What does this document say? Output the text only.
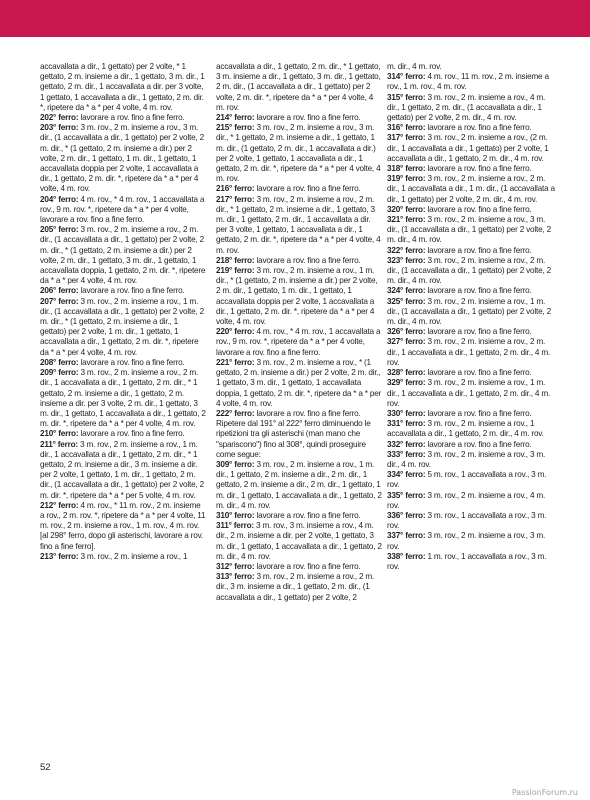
accavallata a dir., 1 gettato) per 2 volte, * 1 gettato, 2 m. insieme a dir., 1 gettato, 3 m. dir., 1 gettato, 2 m. dir., 1 accavallata a dir. per 3 volte, 1 gettato, 1 accavallata a dir., 1 gettato, 2 m. dir. *, ripetere da * a * per 4 volte, 4 m. rov.

202° ferro: lavorare a rov. fino a fine ferro.

203° ferro: 3 m. rov., 2 m. insieme a rov., 3 m. dir., (1 accavallata a dir., 1 gettato) per 2 volte, 2 m. dir., * (1 gettato, 2 m. insieme a dir.) per 2 volte, 2 m. dir., 1 gettato, 1 m. dir., 1 gettato, 1 accavallata doppia per 2 volte, 1 accavallata a dir., 1 gettato, 2 m. dir. *, ripetere da * a * per 4 volte, 4 m. rov.

204° ferro: 4 m. rov., * 4 m. rov., 1 accavallata a rov., 9 m. rov. *, ripetere da * a * per 4 volte, lavorare a rov. fino a fine ferro.

205° ferro: 3 m. rov., 2 m. insieme a rov., 2 m. dir., (1 accavallata a dir., 1 gettato) per 2 volte, 2 m. dir., * (1 gettato, 2 m. insieme a dir.) per 2 volte, 2 m. dir., 1 gettato, 3 m. dir., 1 gettato, 1 accavallata doppia, 1 gettato, 2 m. dir. *, ripetere da * a * per 4 volte, 4 m. rov.

206° ferro: lavorare a rov. fino a fine ferro.

207° ferro: 3 m. rov., 2 m. insieme a rov., 1 m. dir., (1 accavallata a dir., 1 gettato) per 2 volte, 2 m. dir., * (1 gettato, 2 m. insieme a dir., 1 gettato) per 2 volte, 1 m. dir., 1 gettato, 1 accavallata a dir., 1 gettato, 2 m. dir. *, ripetere da * a * per 4 volte, 4 m. rov.

208° ferro: lavorare a rov. fino a fine ferro.

209° ferro: 3 m. rov., 2 m. insieme a rov., 2 m. dir., 1 accavallata a dir., 1 gettato, 2 m. dir., * 1 gettato, 2 m. insieme a dir., 1 gettato, 2 m. insieme a dir. per 3 volte, 2 m. dir., 1 gettato, 3 m. dir., 1 gettato, 1 accavallata a dir., 1 gettato, 2 m. dir. *, ripetere da * a * per 4 volte, 4 m. rov.

210° ferro: lavorare a rov. fino a fine ferro.

211° ferro: 3 m. rov., 2 m. insieme a rov., 1 m. dir., 1 accavallata a dir., 1 gettato, 2 m. dir., * 1 gettato, 2 m. insieme a dir., 3 m. insieme a dir. per 2 volte, 1 gettato, 1 m. dir., 1 gettato, 2 m. dir., (1 accavallata a dir., 1 gettato) per 2 volte, 2 m. dir. *, ripetere da * a * per 5 volte, 4 m. rov.

212° ferro: 4 m. rov., * 11 m. rov., 2 m. insieme a rov., 2 m. rov. *, ripetere da * a * per 4 volte, 11 m. rov., 2 m. insieme a rov., 1 m. rov., 4 m. rov. [al 298° ferro, dopo gli asterischi, lavorare a rov. fino a fine ferro].

213° ferro: 3 m. rov., 2 m. insieme a rov., 1

accavallata a dir., 1 gettato, 2 m. dir., * 1 gettato, 3 m. insieme a dir., 1 gettato, 3 m. dir., 1 gettato, 2 m. dir., (1 accavallata a dir., 1 gettato) per 2 volte, 2 m. dir. *, ripetere da * a * per 4 volte, 4 m. rov.

214° ferro: lavorare a rov. fino a fine ferro.

215° ferro: 3 m. rov., 2 m. insieme a rov., 3 m. dir., * 1 gettato, 2 m. insieme a dir., 1 gettato, 1 m. dir., (1 gettato, 2 m. dir., 1 accavallata a dir.) per 2 volte, 1 gettato, 1 accavallata a dir., 1 gettato, 2 m. dir. *, ripetere da * a * per 4 volte, 4 m. rov.

216° ferro: lavorare a rov. fino a fine ferro.

217° ferro: 3 m. rov., 2 m. insieme a rov., 2 m. dir., * 1 gettato, 2 m. insieme a dir., 1 gettato, 3 m. dir., 1 gettato, 2 m. dir., 1 accavallata a dir. per 3 volte, 1 gettato, 1 accavallata a dir., 1 gettato, 2 m. dir. *, ripetere da * a * per 4 volte, 4 m. rov.

218° ferro: lavorare a rov. fino a fine ferro.

219° ferro: 3 m. rov., 2 m. insieme a rov., 1 m. dir., * (1 gettato, 2 m. insieme a dir.) per 2 volte, 2 m. dir., 1 gettato, 1 m. dir., 1 gettato, 1 accavallata doppia per 2 volte, 1 accavallata a dir., 1 gettato, 2 m. dir. *, ripetere da * a * per 4 volte, 4 m. rov.

220° ferro: 4 m. rov., * 4 m. rov., 1 accavallata a rov., 9 m. rov. *, ripetere da * a * per 4 volte, lavorare a rov. fino a fine ferro.

221° ferro: 3 m. rov., 2 m. insieme a rov., * (1 gettato, 2 m. insieme a dir.) per 2 volte, 2 m. dir., 1 gettato, 3 m. dir., 1 gettato, 1 accavallata doppia, 1 gettato, 2 m. dir. *, ripetere da * a * per 4 volte, 4 m. rov.

222° ferro: lavorare a rov. fino a fine ferro. Ripetere dal 191° al 222° ferro diminuendo le ripetizioni tra gli asterischi (man mano che "spariscono") fino al 308°, quindi proseguire come segue:

309° ferro: 3 m. rov., 2 m. insieme a rov., 1 m. dir., 1 gettato, 2 m. insieme a dir., 2 m. dir., 1 gettato, 2 m. insieme a dir., 2 m. dir., 1 gettato, 1 m. dir., 1 gettato, 1 accavallata a dir., 1 gettato, 2 m. dir., 4 m. rov.

310° ferro: lavorare a rov. fino a fine ferro.

311° ferro: 3 m. rov., 3 m. insieme a rov., 4 m. dir., 2 m. insieme a dir. per 2 volte, 1 gettato, 3 m. dir., 1 gettato, 1 accavallata a dir., 1 gettato, 2 m. dir., 4 m. rov.

312° ferro: lavorare a rov. fino a fine ferro.

313° ferro: 3 m. rov., 2 m. insieme a rov., 2 m. dir., 3 m. insieme a dir., 1 gettato, 2 m. dir., (1 accavallata a dir., 1 gettato) per 2 volte, 2

m. dir., 4 m. rov.

314° ferro: 4 m. rov., 11 m. rov., 2 m. insieme a rov., 1 m. rov., 4 m. rov.

315° ferro: 3 m. rov., 2 m. insieme a rov., 4 m. dir., 1 gettato, 2 m. dir., (1 accavallata a dir., 1 gettato) per 2 volte, 2 m. dir., 4 m. rov.

316° ferro: lavorare a rov. fino a fine ferro.

317° ferro: 3 m. rov., 2 m. insieme a rov., (2 m. dir., 1 accavallata a dir., 1 gettato) per 2 volte, 1 accavallata a dir., 1 gettato, 2 m. dir., 4 m. rov.

318° ferro: lavorare a rov. fino a fine ferro.

319° ferro: 3 m. rov., 2 m. insieme a rov., 2 m. dir., 1 accavallata a dir., 1 m. dir., (1 accavallata a dir., 1 gettato) per 2 volte, 2 m. dir., 4 m. rov.

320° ferro: lavorare a rov. fino a fine ferro.

321° ferro: 3 m. rov., 2 m. insieme a rov., 3 m. dir., (1 accavallata a dir., 1 gettato) per 2 volte, 2 m. dir., 4 m. rov.

322° ferro: lavorare a rov. fino a fine ferro.

323° ferro: 3 m. rov., 2 m. insieme a rov., 2 m. dir., (1 accavallata a dir., 1 gettato) per 2 volte, 2 m. dir., 4 m. rov.

324° ferro: lavorare a rov. fino a fine ferro.

325° ferro: 3 m. rov., 2 m. insieme a rov., 1 m. dir., (1 accavallata a dir., 1 gettato) per 2 volte, 2 m. dir., 4 m. rov.

326° ferro: lavorare a rov. fino a fine ferro.

327° ferro: 3 m. rov., 2 m. insieme a rov., 2 m. dir., 1 accavallata a dir., 1 gettato, 2 m. dir., 4 m. rov.

328° ferro: lavorare a rov. fino a fine ferro.

329° ferro: 3 m. rov., 2 m. insieme a rov., 1 m. dir., 1 accavallata a dir., 1 gettato, 2 m. dir., 4 m. rov.

330° ferro: lavorare a rov. fino a fine ferro.

331° ferro: 3 m. rov., 2 m. insieme a rov., 1 accavallata a dir., 1 gettato, 2 m. dir., 4 m. rov.

332° ferro: lavorare a rov. fino a fine ferro.

333° ferro: 3 m. rov., 2 m. insieme a rov., 3 m. dir., 4 m. rov.

334° ferro: 5 m. rov., 1 accavallata a rov., 3 m. rov.

335° ferro: 3 m. rov., 2 m. insieme a rov., 4 m. rov.

336° ferro: 3 m. rov., 1 accavallata a rov., 3 m. rov.

337° ferro: 3 m. rov., 2 m. insieme a rov., 3 m. rov.

338° ferro: 1 m. rov., 1 accavallata a rov., 3 m. rov.

52
PassionForum.ru
